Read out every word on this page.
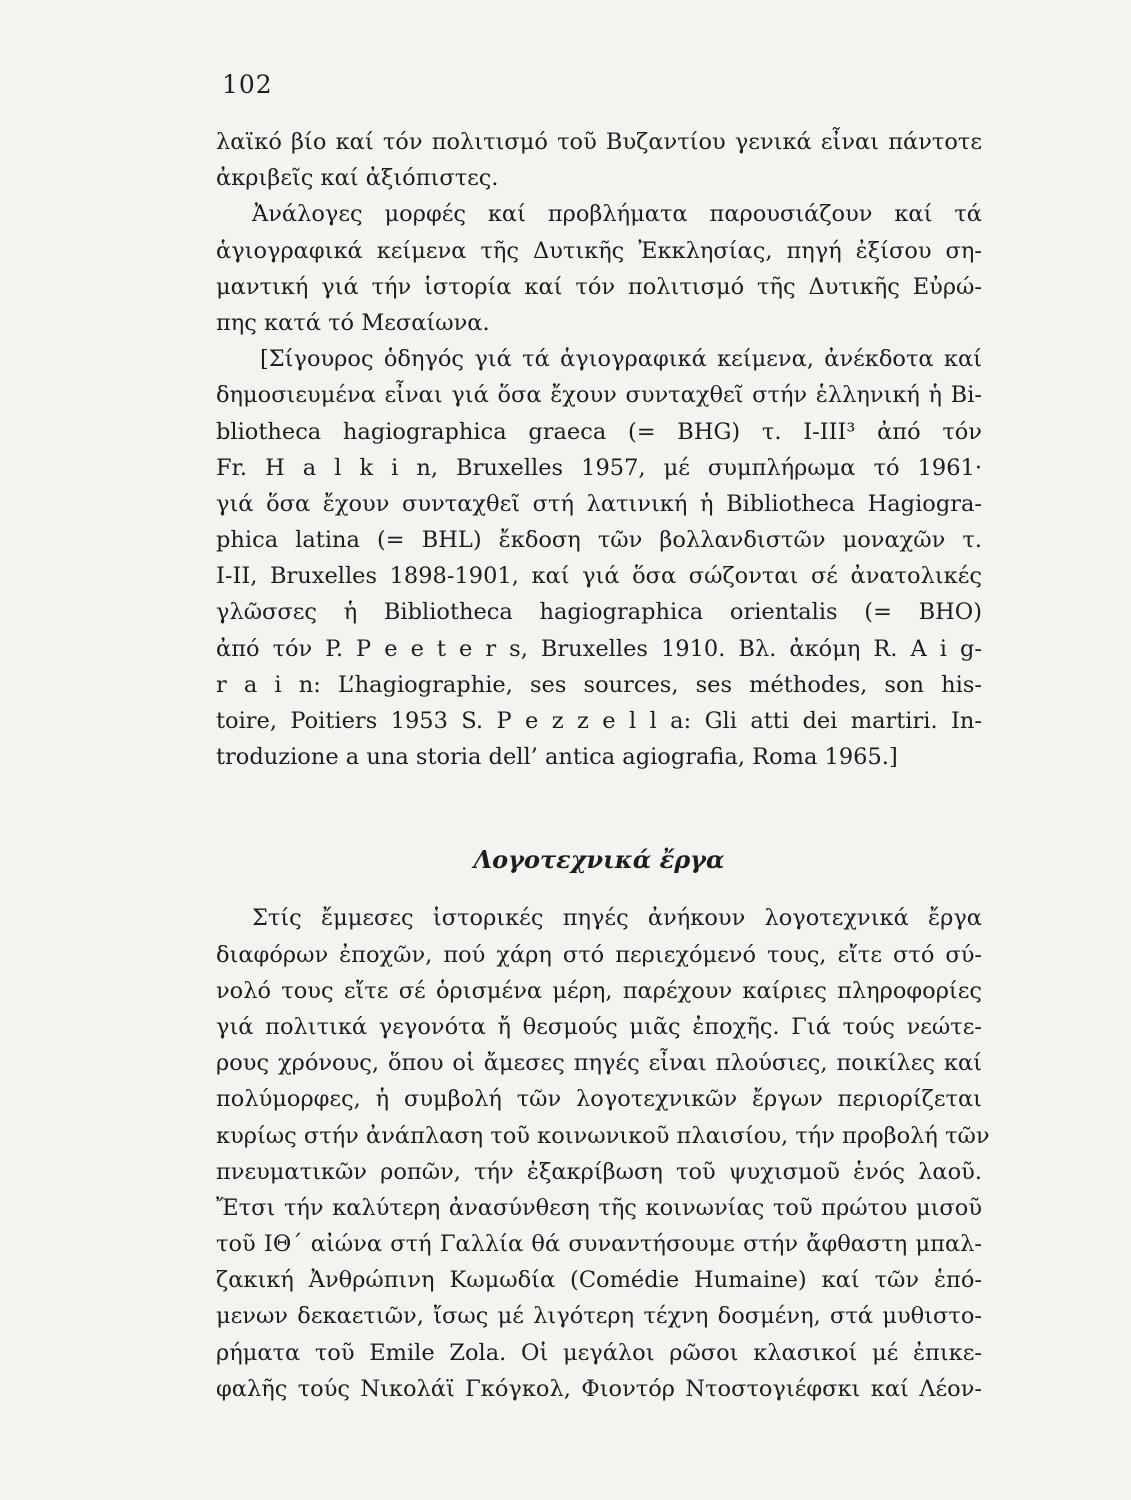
102
λαϊκό βίο καί τόν πολιτισμό τοῦ Βυζαντίου γενικά εἶναι πάντοτε
ἀκριβεῖς καί ἀξιόπιστες.
Ἀνάλογες μορφές καί προβλήματα παρουσιάζουν καί τά
ἁγιογραφικά κείμενα τῆς Δυτικῆς Ἐκκλησίας, πηγή ἐξίσου ση-
μαντική γιά τήν ἱστορία καί τόν πολιτισμό τῆς Δυτικῆς Εὐρώ-
πης κατά τό Μεσαίωνα.
[Σίγουρος ὁδηγός γιά τά ἁγιογραφικά κείμενα, ἀνέκδοτα καί
δημοσιευμένα εἶναι γιά ὅσα ἔχουν συνταχθεῖ στήν ἑλληνική ἡ Bi-
bliotheca hagiographica graeca (= BHG) τ. I-III³ ἀπό τόν
Fr. H a l k i n, Bruxelles 1957, μέ συμπλήρωμα τό 1961·
γιά ὅσα ἔχουν συνταχθεῖ στή λατινική ἡ Bibliotheca Hagiogra-
phica latina (= BHL) ἔκδοση τῶν βολλανδιστῶν μοναχῶν τ.
I-II, Bruxelles 1898-1901, καί γιά ὅσα σώζονται σέ ἀνατολικές
γλῶσσες ἡ Bibliotheca hagiographica orientalis (= BHO)
ἀπό τόν P. P e e t e r s, Bruxelles 1910. Βλ. ἀκόμη R. A i g-
r a i n: L’hagiographie, ses sources, ses méthodes, son his-
toire, Poitiers 1953 S. P e z z e l l a: Gli atti dei martiri. In-
troduzione a una storia dell’ antica agiografia, Roma 1965.]
Λογοτεχνικά ἔργα
Στίς ἔμμεσες ἱστορικές πηγές ἀνήκουν λογοτεχνικά ἔργα
διαφόρων ἐποχῶν, πού χάρη στό περιεχόμενό τους, εἴτε στό σύ-
νολό τους εἴτε σέ ὁρισμένα μέρη, παρέχουν καίριες πληροφορίες
γιά πολιτικά γεγονότα ἤ θεσμούς μιᾶς ἐποχῆς. Γιά τούς νεώτε-
ρους χρόνους, ὅπου οἱ ἄμεσες πηγές εἶναι πλούσιες, ποικίλες καί
πολύμορφες, ἡ συμβολή τῶν λογοτεχνικῶν ἔργων περιορίζεται
κυρίως στήν ἀνάπλαση τοῦ κοινωνικοῦ πλαισίου, τήν προβολή τῶν
πνευματικῶν ροπῶν, τήν ἐξακρίβωση τοῦ ψυχισμοῦ ἑνός λαοῦ.
Ἔτσι τήν καλύτερη ἀνασύνθεση τῆς κοινωνίας τοῦ πρώτου μισοῦ
τοῦ ΙΘ΄ αἰώνα στή Γαλλία θά συναντήσουμε στήν ἄφθαστη μπαλ-
ζακική Ἀνθρώπινη Κωμωδία (Comédie Humaine) καί τῶν ἑπό-
μενων δεκαετιῶν, ἴσως μέ λιγότερη τέχνη δοσμένη, στά μυθιστο-
ρήματα τοῦ Emile Zola. Οἱ μεγάλοι ρῶσοι κλασικοί μέ ἐπικε-
φαλῆς τούς Νικολάϊ Γκόγκολ, Φιοντόρ Ντοστογιέφσκι καί Λέον-
